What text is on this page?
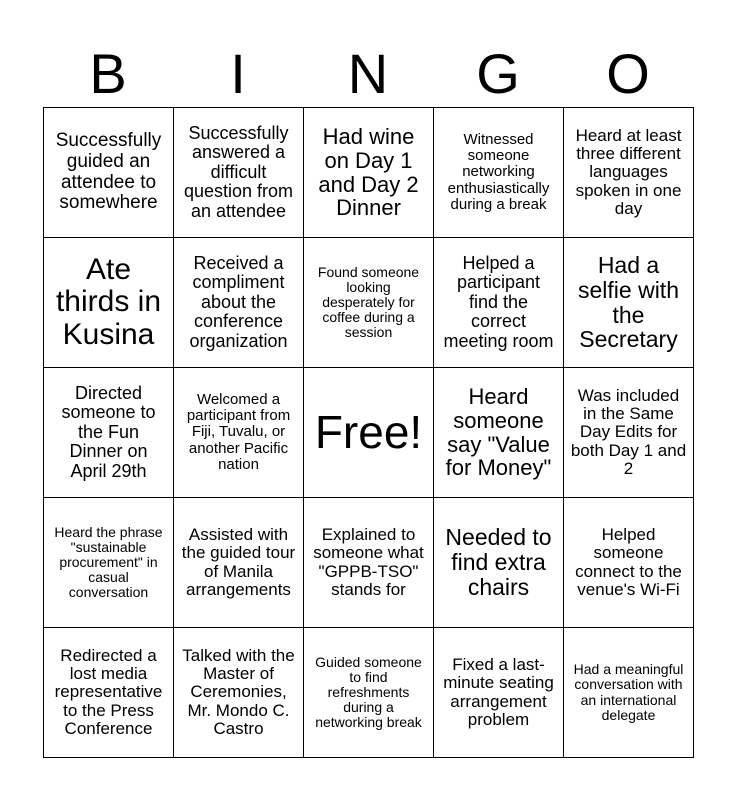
B	I	N	G	O
Successfully guided an attendee to somewhere	Successfully answered a difficult question from an attendee	Had wine on Day 1 and Day 2 Dinner	Witnessed someone networking enthusiastically during a break	Heard at least three different languages spoken in one day
Ate thirds in Kusina	Received a compliment about the conference organization	Found someone looking desperately for coffee during a session	Helped a participant find the correct meeting room	Had a selfie with the Secretary
Directed someone to the Fun Dinner on April 29th	Welcomed a participant from Fiji, Tuvalu, or another Pacific nation	Free!	Heard someone say "Value for Money"	Was included in the Same Day Edits for both Day 1 and 2
Heard the phrase "sustainable procurement" in casual conversation	Assisted with the guided tour of Manila arrangements	Explained to someone what "GPPB-TSO" stands for	Needed to find extra chairs	Helped someone connect to the venue's Wi-Fi
Redirected a lost media representative to the Press Conference	Talked with the Master of Ceremonies, Mr. Mondo C. Castro	Guided someone to find refreshments during a networking break	Fixed a last-minute seating arrangement problem	Had a meaningful conversation with an international delegate
